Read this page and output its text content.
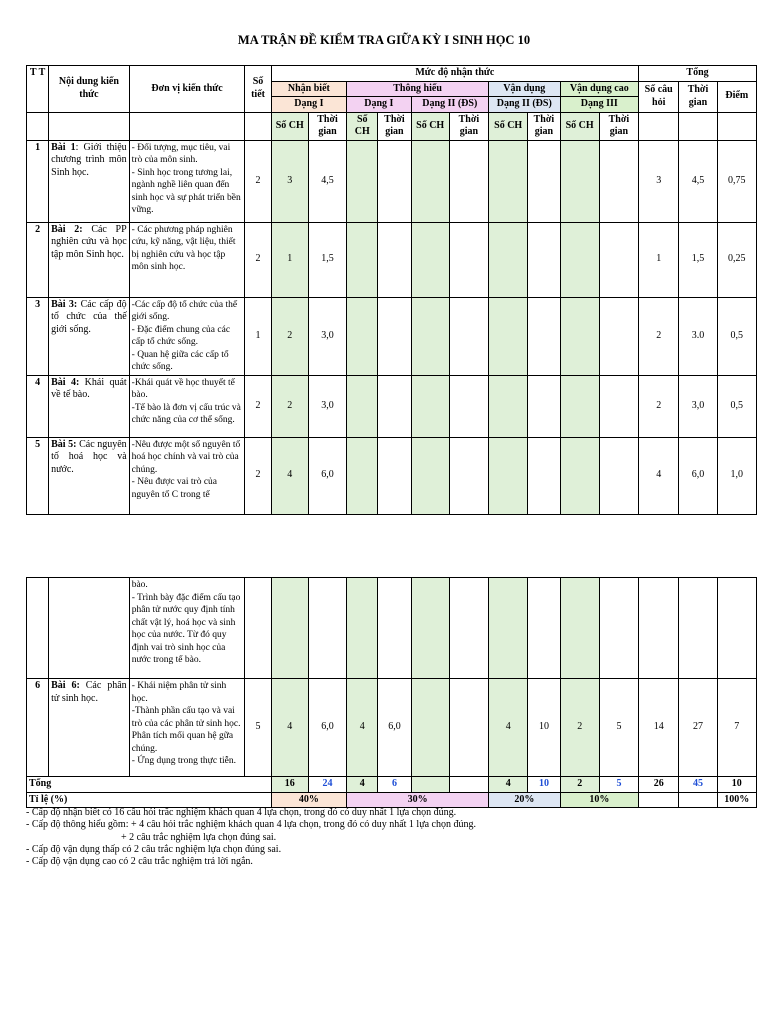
MA TRẬN ĐỀ KIỂM TRA GIỮA KỲ I SINH HỌC 10
T T	Nội dung kiến thức	Đơn vị kiến thức	Số tiết	Mức độ nhận thức										Tổng		
				Nhận biết		Thông hiểu				Vận dụng		Vận dụng cao		Số câu hỏi	Thời gian	Điểm
				Dạng I		Dạng I		Dạng II (ĐS)		Dạng II (ĐS)		Dạng III				
				Số CH	Thời gian	Số CH	Thời gian	Số CH	Thời gian	Số CH	Thời gian	Số CH	Thời gian			
1	Bài 1: Giới thiệu chương trình môn Sinh học.	- Đối tượng, mục tiêu, vai trò của môn sinh.
- Sinh học trong tương lai, ngành nghề liên quan đến sinh học và sự phát triển bền vững.	2	3	4,5									3	4,5	0,75
2	Bài 2: Các PP nghiên cứu và học tập môn Sinh học.	- Các phương pháp nghiên cứu, kỹ năng, vật liệu, thiết bị nghiên cứu và học tập môn sinh học.	2	1	1,5									1	1,5	0,25
3	Bài 3: Các cấp độ tổ chức của thế giới sống.	-Các cấp độ tổ chức của thế giới sống.
- Đặc điểm chung của các cấp tổ chức sống.
- Quan hệ giữa các cấp tổ chức sống.	1	2	3,0									2	3.0	0,5
4	Bài 4: Khái quát về tế bào.	-Khái quát về học thuyết tế bào.
-Tế bào là đơn vị cấu trúc và chức năng của cơ thể sống.	2	2	3,0									2	3,0	0,5
5	Bài 5: Các nguyên tố hoá học và nước.	-Nêu được một số nguyên tố hoá học chính và vai trò của chúng.
- Nêu được vai trò của nguyên tố C trong tế	2	4	6,0									4	6,0	1,0
		bào.
- Trình bày đặc điểm cấu tạo phân tử nước quy định tính chất vật lý, hoá học và sinh học của nước. Từ đó quy định vai trò sinh học của nước trong tế bào.														
6	Bài 6: Các phân tử sinh học.	- Khái niệm phân tử sinh học.
-Thành phần cấu tạo và vai trò của các phân tử sinh học. Phân tích mối quan hệ gữa chúng.
- Ứng dụng trong thực tiễn.	5	4	6,0	4	6,0			4	10	2	5	14	27	7
Tổng				16	24	4	6			4	10	2	5	26	45	10
Tỉ lệ (%)				40%		30%				20%		10%				100%
- Cấp độ nhận biết có 16 câu hỏi trắc nghiệm khách quan 4 lựa chọn, trong đó có duy nhất 1 lựa chọn đúng.
- Cấp độ thông hiểu gồm: + 4 câu hỏi trắc nghiệm khách quan 4 lựa chọn, trong đó có duy nhất 1 lựa chọn đúng.
+ 2 câu trắc nghiệm lựa chọn đúng sai.
- Cấp độ vận dụng thấp có 2 câu trắc nghiệm lựa chọn đúng sai.
- Cấp độ vận dụng cao có 2 câu trắc nghiệm trả lời ngắn.
